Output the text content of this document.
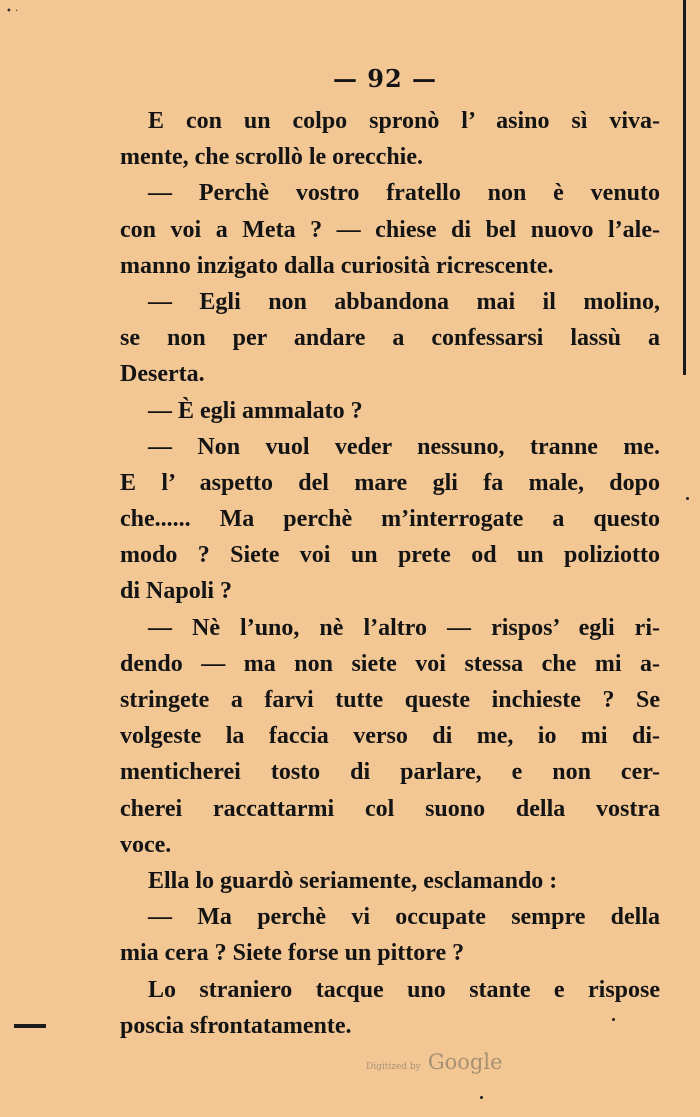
• ·
— 92 —
E con un colpo spronò l’ asino sì viva-
mente, che scrollò le orecchie.
— Perchè vostro fratello non è venuto
con voi a Meta ? — chiese di bel nuovo l’ale-
manno inzigato dalla curiosità ricrescente.
— Egli non abbandona mai il molino,
se non per andare a confessarsi lassù a
Deserta.
— È egli ammalato ?
— Non vuol veder nessuno, tranne me.
E l’ aspetto del mare gli fa male, dopo
che...... Ma perchè m’interrogate a questo
modo ? Siete voi un prete od un poliziotto
di Napoli ?
— Nè l’uno, nè l’altro — rispos’ egli ri-
dendo — ma non siete voi stessa che mi a-
stringete a farvi tutte queste inchieste ? Se
volgeste la faccia verso di me, io mi di-
menticherei tosto di parlare, e non cer-
cherei raccattarmi col suono della vostra
voce.
Ella lo guardò seriamente, esclamando :
— Ma perchè vi occupate sempre della
mia cera ? Siete forse un pittore ?
Lo straniero tacque uno stante e rispose
poscia sfrontatamente.
Digitized by Google
